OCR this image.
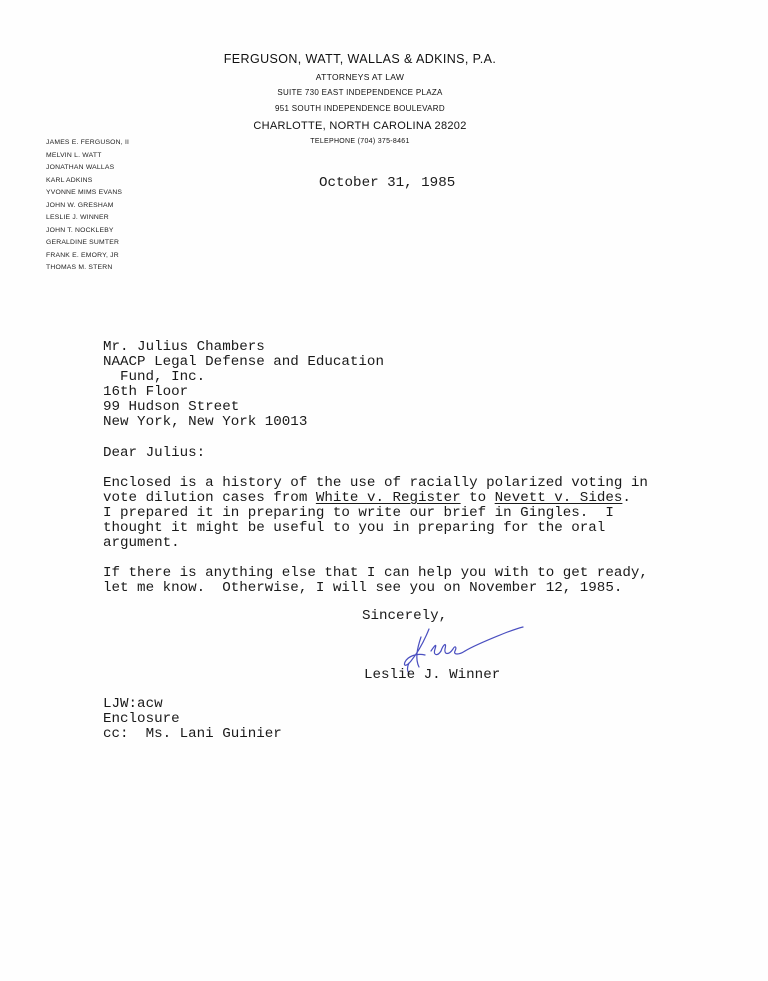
FERGUSON, WATT, WALLAS & ADKINS, P.A.
ATTORNEYS AT LAW
SUITE 730 EAST INDEPENDENCE PLAZA
951 SOUTH INDEPENDENCE BOULEVARD
CHARLOTTE, NORTH CAROLINA 28202
TELEPHONE (704) 375-8461
JAMES E. FERGUSON, II
MELVIN L. WATT
JONATHAN WALLAS
KARL ADKINS
YVONNE MIMS EVANS
JOHN W. GRESHAM
LESLIE J. WINNER
JOHN T. NOCKLEBY
GERALDINE SUMTER
FRANK E. EMORY, JR
THOMAS M. STERN
October 31, 1985
Mr. Julius Chambers
NAACP Legal Defense and Education
Fund, Inc.
16th Floor
99 Hudson Street
New York, New York 10013
Dear Julius:
Enclosed is a history of the use of racially polarized voting in
vote dilution cases from White v. Register to Nevett v. Sides.
I prepared it in preparing to write our brief in Gingles.  I
thought it might be useful to you in preparing for the oral
argument.
If there is anything else that I can help you with to get ready,
let me know.  Otherwise, I will see you on November 12, 1985.
Sincerely,
Leslie J. Winner
LJW:acw
Enclosure
cc:  Ms. Lani Guinier
